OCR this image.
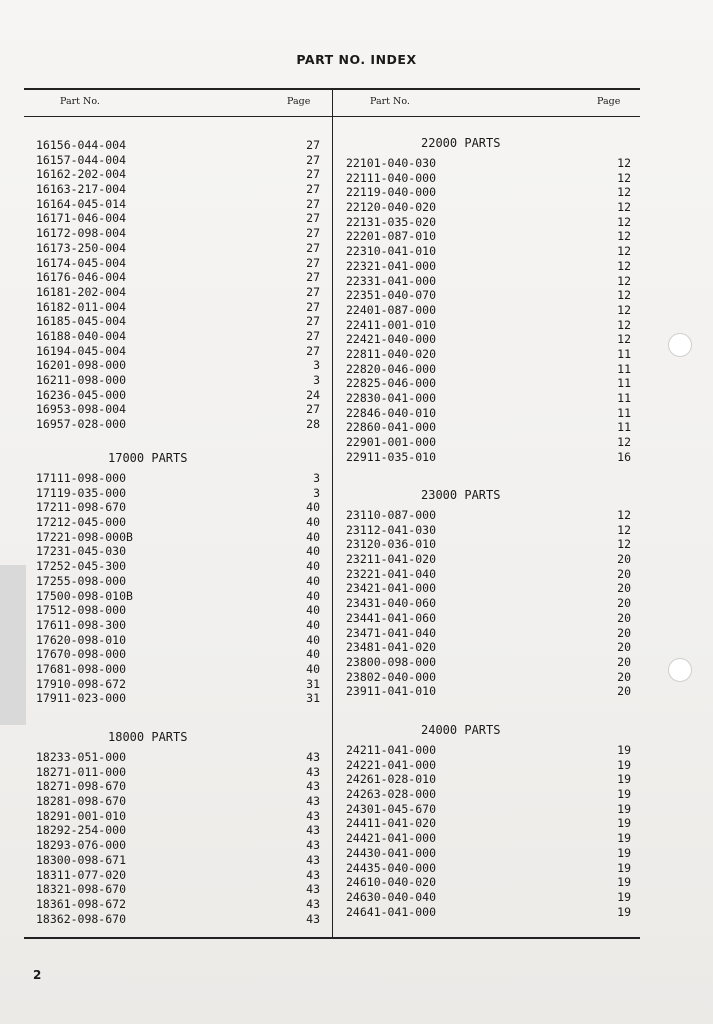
PART NO. INDEX
Part No.	Page	Part No.	Page
16156-044-004	27
16157-044-004	27
16162-202-004	27
16163-217-004	27
16164-045-014	27
16171-046-004	27
16172-098-004	27
16173-250-004	27
16174-045-004	27
16176-046-004	27
16181-202-004	27
16182-011-004	27
16185-045-004	27
16188-040-004	27
16194-045-004	27
16201-098-000	3
16211-098-000	3
16236-045-000	24
16953-098-004	27
16957-028-000	28
17000 PARTS
17111-098-000	3
17119-035-000	3
17211-098-670	40
17212-045-000	40
17221-098-000B	40
17231-045-030	40
17252-045-300	40
17255-098-000	40
17500-098-010B	40
17512-098-000	40
17611-098-300	40
17620-098-010	40
17670-098-000	40
17681-098-000	40
17910-098-672	31
17911-023-000	31
18000 PARTS
18233-051-000	43
18271-011-000	43
18271-098-670	43
18281-098-670	43
18291-001-010	43
18292-254-000	43
18293-076-000	43
18300-098-671	43
18311-077-020	43
18321-098-670	43
18361-098-672	43
18362-098-670	43
22000 PARTS
22101-040-030	12
22111-040-000	12
22119-040-000	12
22120-040-020	12
22131-035-020	12
22201-087-010	12
22310-041-010	12
22321-041-000	12
22331-041-000	12
22351-040-070	12
22401-087-000	12
22411-001-010	12
22421-040-000	12
22811-040-020	11
22820-046-000	11
22825-046-000	11
22830-041-000	11
22846-040-010	11
22860-041-000	11
22901-001-000	12
22911-035-010	16
23000 PARTS
23110-087-000	12
23112-041-030	12
23120-036-010	12
23211-041-020	20
23221-041-040	20
23421-041-000	20
23431-040-060	20
23441-041-060	20
23471-041-040	20
23481-041-020	20
23800-098-000	20
23802-040-000	20
23911-041-010	20
24000 PARTS
24211-041-000	19
24221-041-000	19
24261-028-010	19
24263-028-000	19
24301-045-670	19
24411-041-020	19
24421-041-000	19
24430-041-000	19
24435-040-000	19
24610-040-020	19
24630-040-040	19
24641-041-000	19
2
